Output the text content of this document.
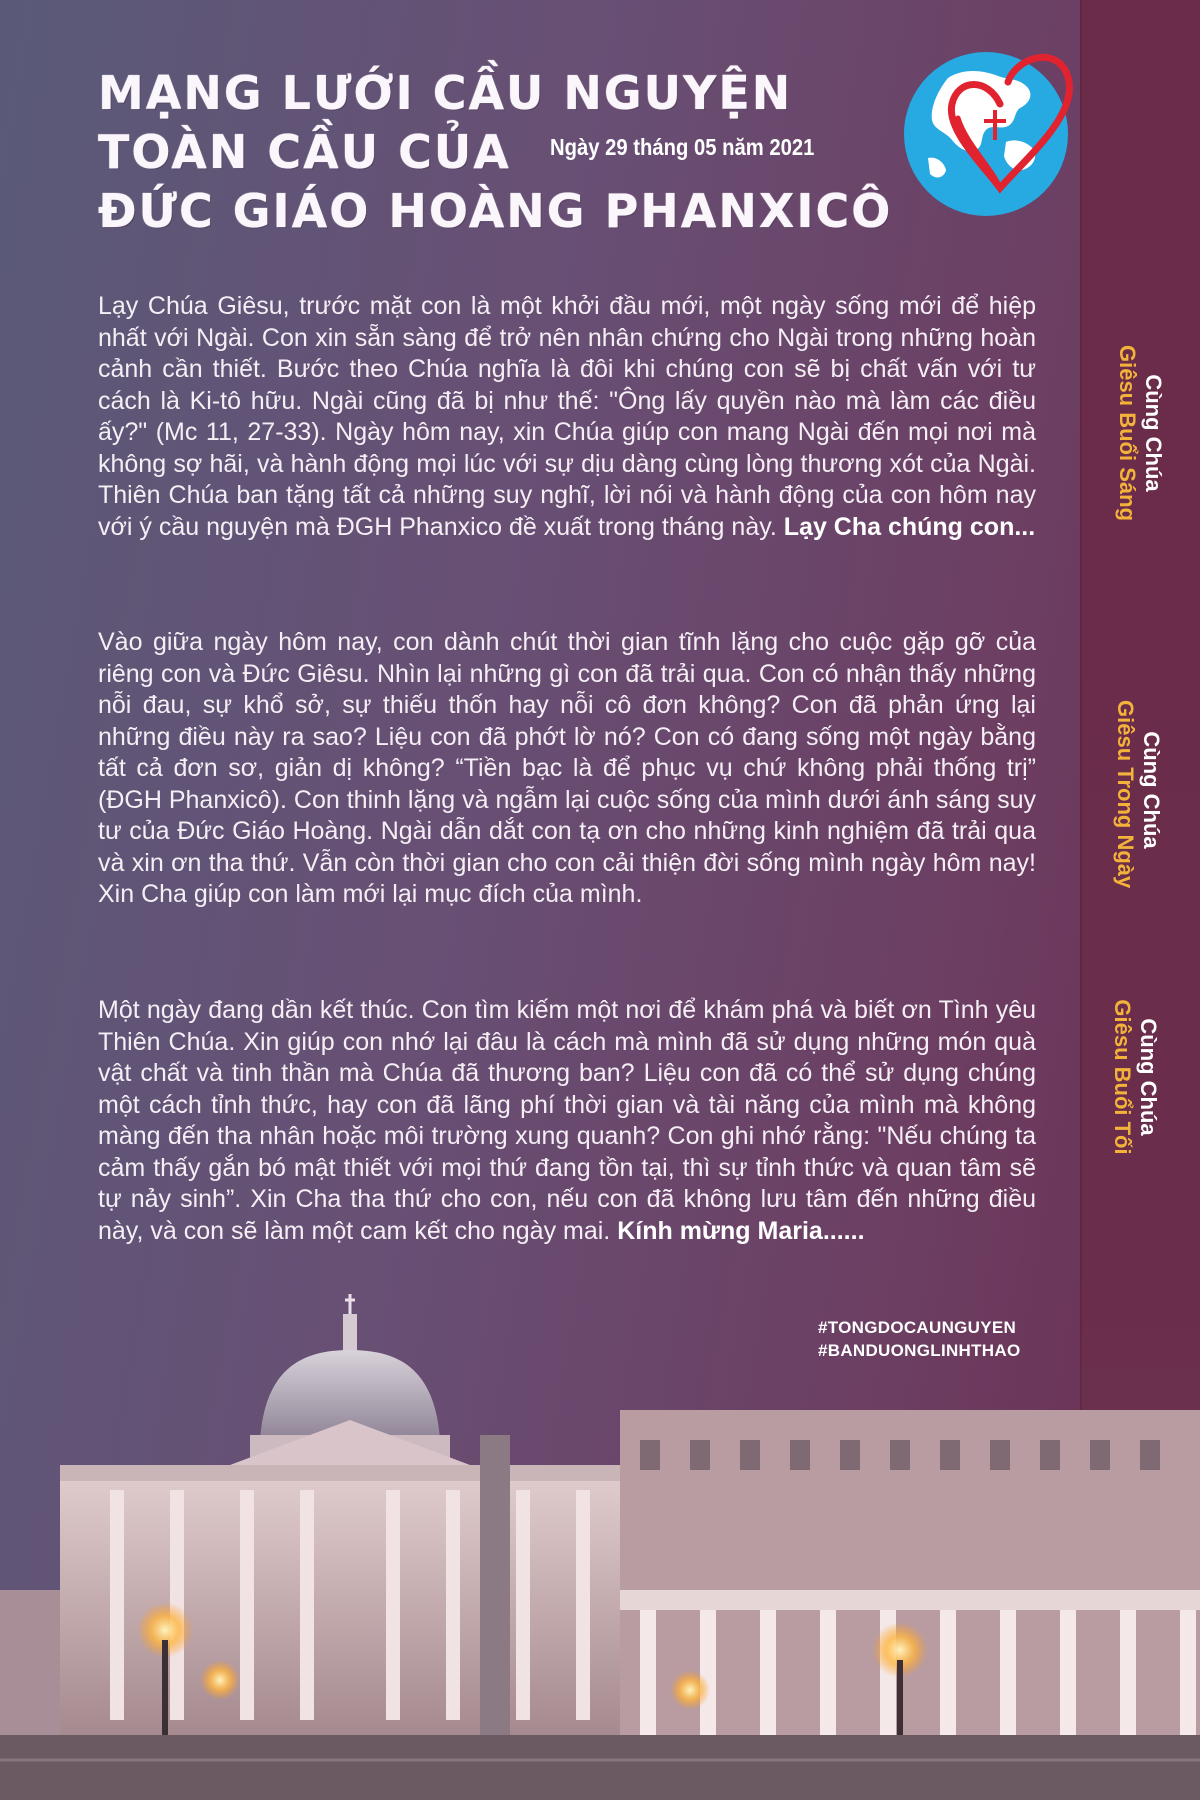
MẠNG LƯỚI CẦU NGUYỆN
TOÀN CẦU CỦA
ĐỨC GIÁO HOÀNG PHANXICÔ
Ngày 29 tháng 05 năm 2021

Lạy Chúa Giêsu, trước mặt con là một khởi đầu mới, một ngày sống mới để hiệp nhất với Ngài. Con xin sẵn sàng để trở nên nhân chứng cho Ngài trong những hoàn cảnh cần thiết. Bước theo Chúa nghĩa là đôi khi chúng con sẽ bị chất vấn với tư cách là Ki-tô hữu. Ngài cũng đã bị như thế: "Ông lấy quyền nào mà làm các điều ấy?" (Mc 11, 27-33). Ngày hôm nay, xin Chúa giúp con mang Ngài đến mọi nơi mà không sợ hãi, và hành động mọi lúc với sự dịu dàng cùng lòng thương xót của Ngài. Thiên Chúa ban tặng tất cả những suy nghĩ, lời nói và hành động của con hôm nay với ý cầu nguyện mà ĐGH Phanxico đề xuất trong tháng này. Lạy Cha chúng con...

Vào giữa ngày hôm nay, con dành chút thời gian tĩnh lặng cho cuộc gặp gỡ của riêng con và Đức Giêsu. Nhìn lại những gì con đã trải qua. Con có nhận thấy những nỗi đau, sự khổ sở, sự thiếu thốn hay nỗi cô đơn không? Con đã phản ứng lại những điều này ra sao? Liệu con đã phớt lờ nó? Con có đang sống một ngày bằng tất cả đơn sơ, giản dị không? “Tiền bạc là để phục vụ chứ không phải thống trị” (ĐGH Phanxicô). Con thinh lặng và ngẫm lại cuộc sống của mình dưới ánh sáng suy tư của Đức Giáo Hoàng. Ngài dẫn dắt con tạ ơn cho những kinh nghiệm đã trải qua và xin ơn tha thứ. Vẫn còn thời gian cho con cải thiện đời sống mình ngày hôm nay! Xin Cha giúp con làm mới lại mục đích của mình.

Một ngày đang dần kết thúc. Con tìm kiếm một nơi để khám phá và biết ơn Tình yêu Thiên Chúa. Xin giúp con nhớ lại đâu là cách mà mình đã sử dụng những món quà vật chất và tinh thần mà Chúa đã thương ban? Liệu con đã có thể sử dụng chúng một cách tỉnh thức, hay con đã lãng phí thời gian và tài năng của mình mà không màng đến tha nhân hoặc môi trường xung quanh? Con ghi nhớ rằng: "Nếu chúng ta cảm thấy gắn bó mật thiết với mọi thứ đang tồn tại, thì sự tỉnh thức và quan tâm sẽ tự nảy sinh”. Xin Cha tha thứ cho con, nếu con đã không lưu tâm đến những điều này, và con sẽ làm một cam kết cho ngày mai. Kính mừng Maria......

Cùng Chúa
Giêsu Buổi Sáng
Cùng Chúa
Giêsu Trong Ngày
Cùng Chúa
Giêsu Buổi Tối
#TONGDOCAUNGUYEN
#BANDUONGLINHTHAO
